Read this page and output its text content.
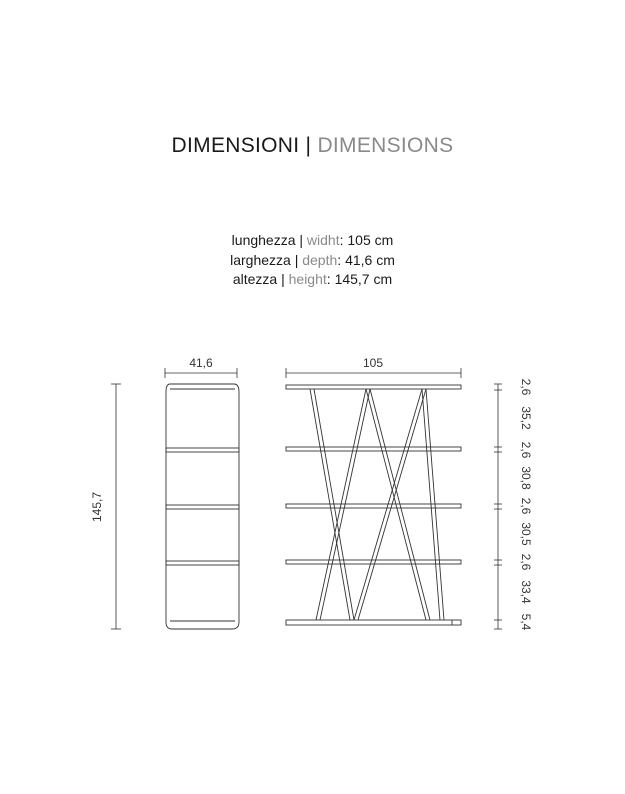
DIMENSIONI | DIMENSIONS
lunghezza | widht: 105 cm
larghezza | depth: 41,6 cm
altezza | height: 145,7 cm
41,6	105
145,7
2,6
35,2
2,6
30,8
2,6
30,5
2,6
33,4
5,4
